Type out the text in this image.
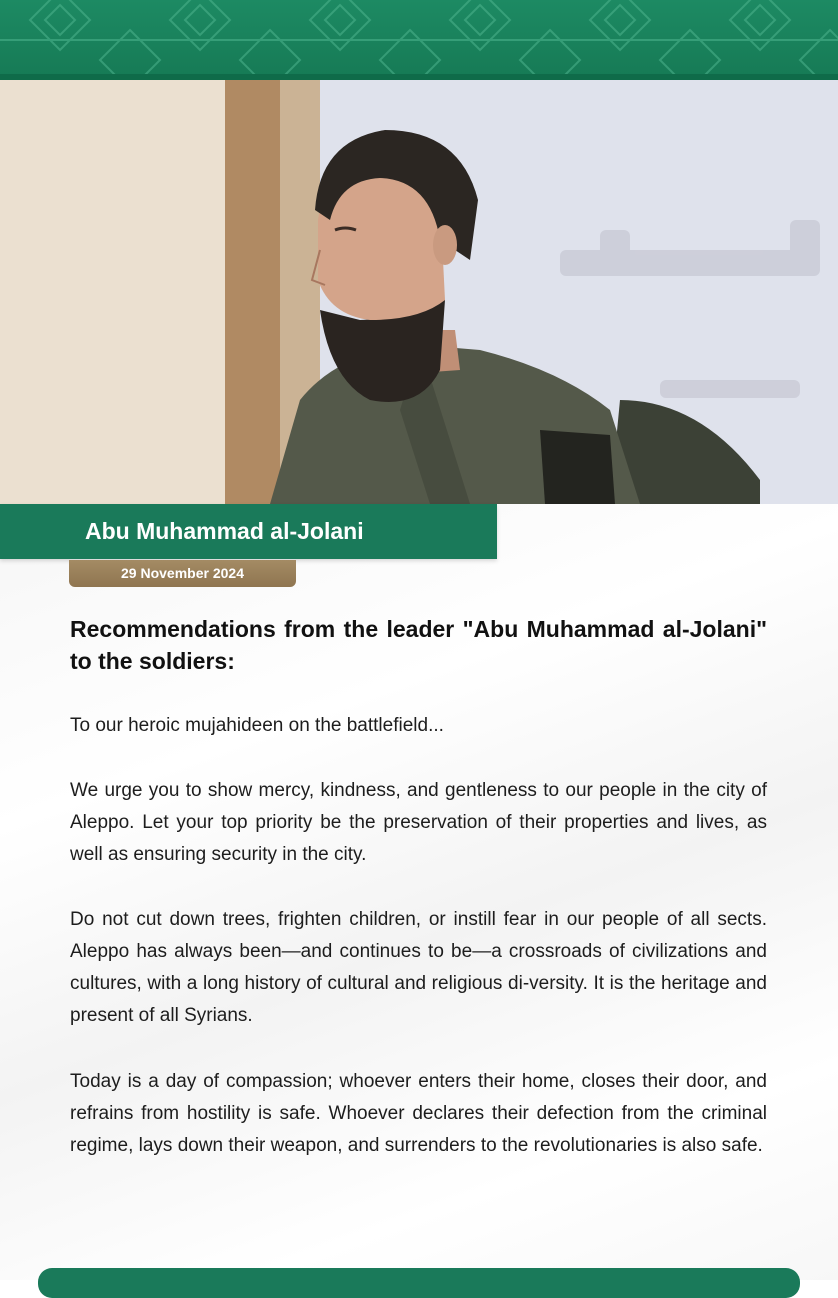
Abu Muhammad al-Jolani
29 November 2024
Recommendations from the leader "Abu Muhammad al-Jolani" to the soldiers:
To our heroic mujahideen on the battlefield...
We urge you to show mercy, kindness, and gentleness to our people in the city of Aleppo. Let your top priority be the preservation of their properties and lives, as well as ensuring security in the city.
Do not cut down trees, frighten children, or instill fear in our people of all sects. Aleppo has always been—and continues to be—a crossroads of civilizations and cultures, with a long history of cultural and religious di-versity. It is the heritage and present of all Syrians.
Today is a day of compassion; whoever enters their home, closes their door, and refrains from hostility is safe. Whoever declares their defection from the criminal regime, lays down their weapon, and surrenders to the revolutionaries is also safe.
